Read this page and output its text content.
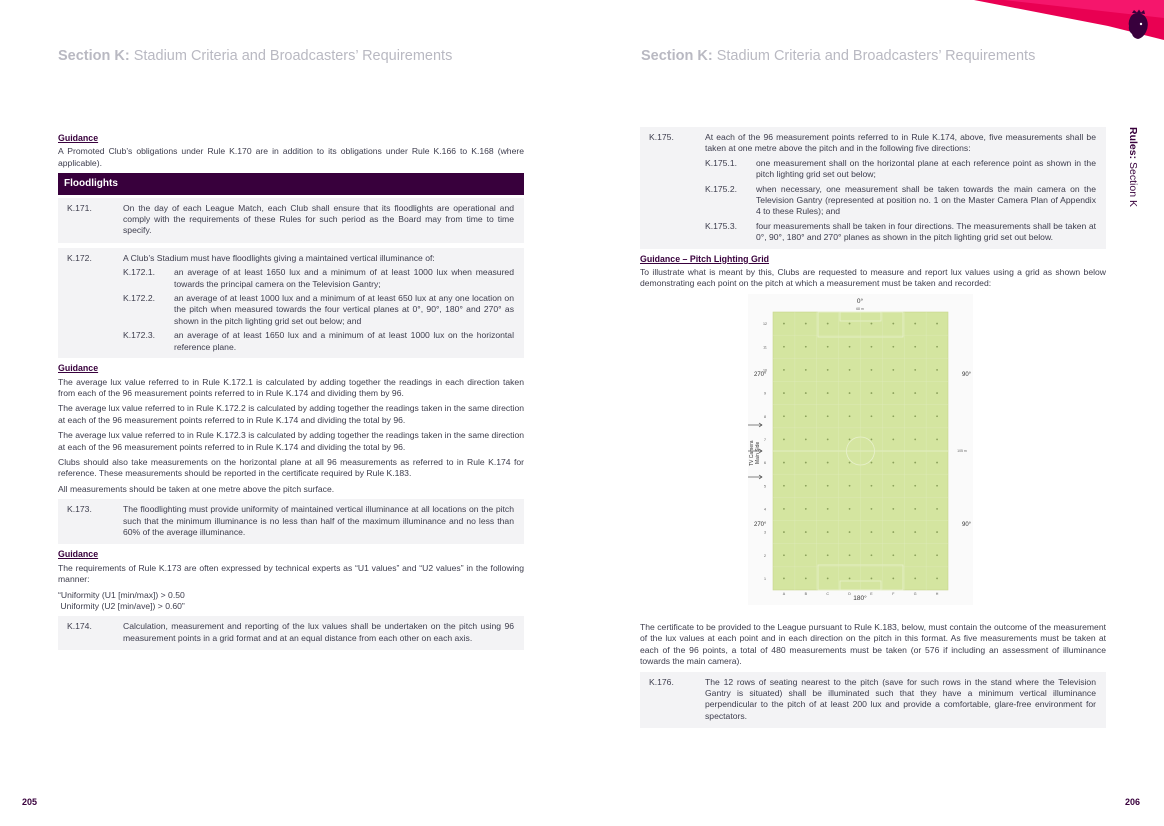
Section K: Stadium Criteria and Broadcasters’ Requirements	Section K: Stadium Criteria and Broadcasters’ Requirements
Rules: Section K
205	206
Guidance
A Promoted Club’s obligations under Rule K.170 are in addition to its obligations under Rule K.166 to K.168 (where applicable).
Floodlights
K.171.	On the day of each League Match, each Club shall ensure that its floodlights are operational and comply with the requirements of these Rules for such period as the Board may from time to time specify.
K.172.	A Club’s Stadium must have floodlights giving a maintained vertical illuminance of:
K.172.1.	an average of at least 1650 lux and a minimum of at least 1000 lux when measured towards the principal camera on the Television Gantry;
K.172.2.	an average of at least 1000 lux and a minimum of at least 650 lux at any one location on the pitch when measured towards the four vertical planes at 0°, 90°, 180° and 270° as shown in the pitch lighting grid set out below; and
K.172.3.	an average of at least 1650 lux and a minimum of at least 1000 lux on the horizontal reference plane.
Guidance
The average lux value referred to in Rule K.172.1 is calculated by adding together the readings in each direction taken from each of the 96 measurement points referred to in Rule K.174 and dividing them by 96.
The average lux value referred to in Rule K.172.2 is calculated by adding together the readings taken in the same direction at each of the 96 measurement points referred to in Rule K.174 and dividing the total by 96.
The average lux value referred to in Rule K.172.3 is calculated by adding together the readings taken in the same direction at each of the 96 measurement points referred to in Rule K.174 and dividing the total by 96.
Clubs should also take measurements on the horizontal plane at all 96 measurements as referred to in Rule K.174 for reference. These measurements should be reported in the certificate required by Rule K.183.
All measurements should be taken at one metre above the pitch surface.
K.173.	The floodlighting must provide uniformity of maintained vertical illuminance at all locations on the pitch such that the minimum illuminance is no less than half of the maximum illuminance and no less than 60% of the average illuminance.
Guidance
The requirements of Rule K.173 are often expressed by technical experts as “U1 values” and “U2 values” in the following manner:
“Uniformity (U1 [min/max]) > 0.50
Uniformity (U2 [min/ave]) > 0.60”
K.174.	Calculation, measurement and reporting of the lux values shall be undertaken on the pitch using 96 measurement points in a grid format and at an equal distance from each other on each axis.
K.175.	At each of the 96 measurement points referred to in Rule K.174, above, five measurements shall be taken at one metre above the pitch and in the following five directions:
K.175.1.	one measurement shall on the horizontal plane at each reference point as shown in the pitch lighting grid set out below;
K.175.2.	when necessary, one measurement shall be taken towards the main camera on the Television Gantry (represented at position no. 1 on the Master Camera Plan of Appendix 4 to these Rules); and
K.175.3.	four measurements shall be taken in four directions. The measurements shall be taken at 0°, 90°, 180° and 270° planes as shown in the pitch lighting grid set out below.
Guidance – Pitch Lighting Grid
To illustrate what is meant by this, Clubs are requested to measure and report lux values using a grid as shown below demonstrating each point on the pitch at which a measurement must be taken and recorded:
0°
68 m
12
11
10
9
8
7
6
5
4
3
2
1
A	B	C	D	E	F	G	H
270°	90°
270°	90°
180°
105 m
TV Camera Main Side
The certificate to be provided to the League pursuant to Rule K.183, below, must contain the outcome of the measurement of the lux values at each point and in each direction on the pitch in this format. As five measurements must be taken at each of the 96 points, a total of 480 measurements must be taken (or 576 if including an assessment of illuminance towards the main camera).
K.176.	The 12 rows of seating nearest to the pitch (save for such rows in the stand where the Television Gantry is situated) shall be illuminated such that they have a minimum vertical illuminance perpendicular to the pitch of at least 200 lux and provide a comfortable, glare-free environment for spectators.
